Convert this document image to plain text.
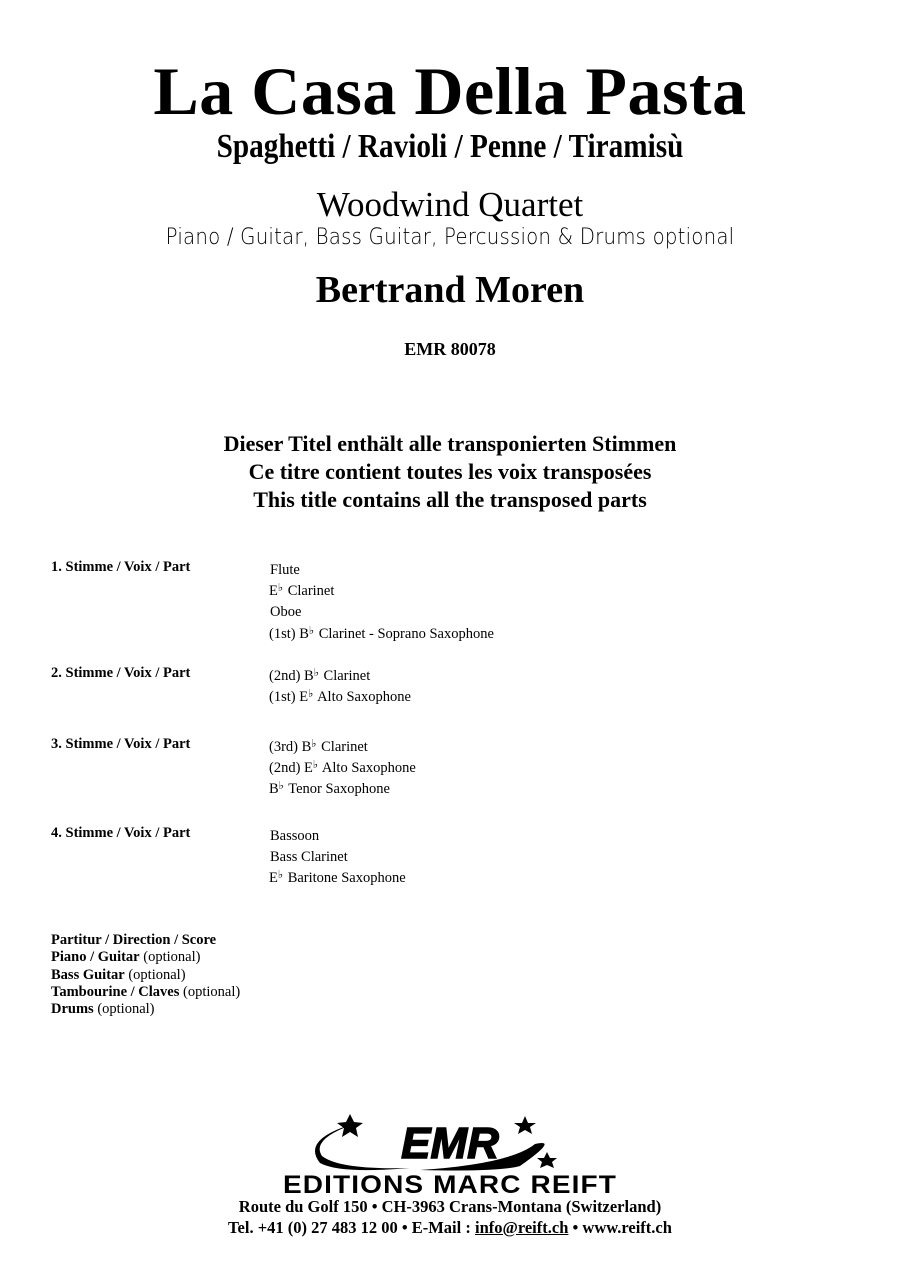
La Casa Della Pasta
Spaghetti / Ravioli / Penne / Tiramisù
Woodwind Quartet
Piano / Guitar, Bass Guitar, Percussion & Drums optional
Bertrand Moren
EMR 80078
Dieser Titel enthält alle transponierten Stimmen
Ce titre contient toutes les voix transposées
This title contains all the transposed parts
1. Stimme / Voix / Part	Flute
E♭ Clarinet
Oboe
(1st) B♭ Clarinet - Soprano Saxophone
2. Stimme / Voix / Part	(2nd) B♭ Clarinet
(1st) E♭ Alto Saxophone
3. Stimme / Voix / Part	(3rd) B♭ Clarinet
(2nd) E♭ Alto Saxophone
B♭ Tenor Saxophone
4. Stimme / Voix / Part	Bassoon
Bass Clarinet
E♭ Baritone Saxophone
Partitur / Direction / Score
Piano / Guitar (optional)
Bass Guitar (optional)
Tambourine / Claves (optional)
Drums (optional)
EMR
EDITIONS MARC REIFT
Route du Golf 150 • CH-3963 Crans-Montana (Switzerland)
Tel. +41 (0) 27 483 12 00 • E-Mail : info@reift.ch • www.reift.ch
